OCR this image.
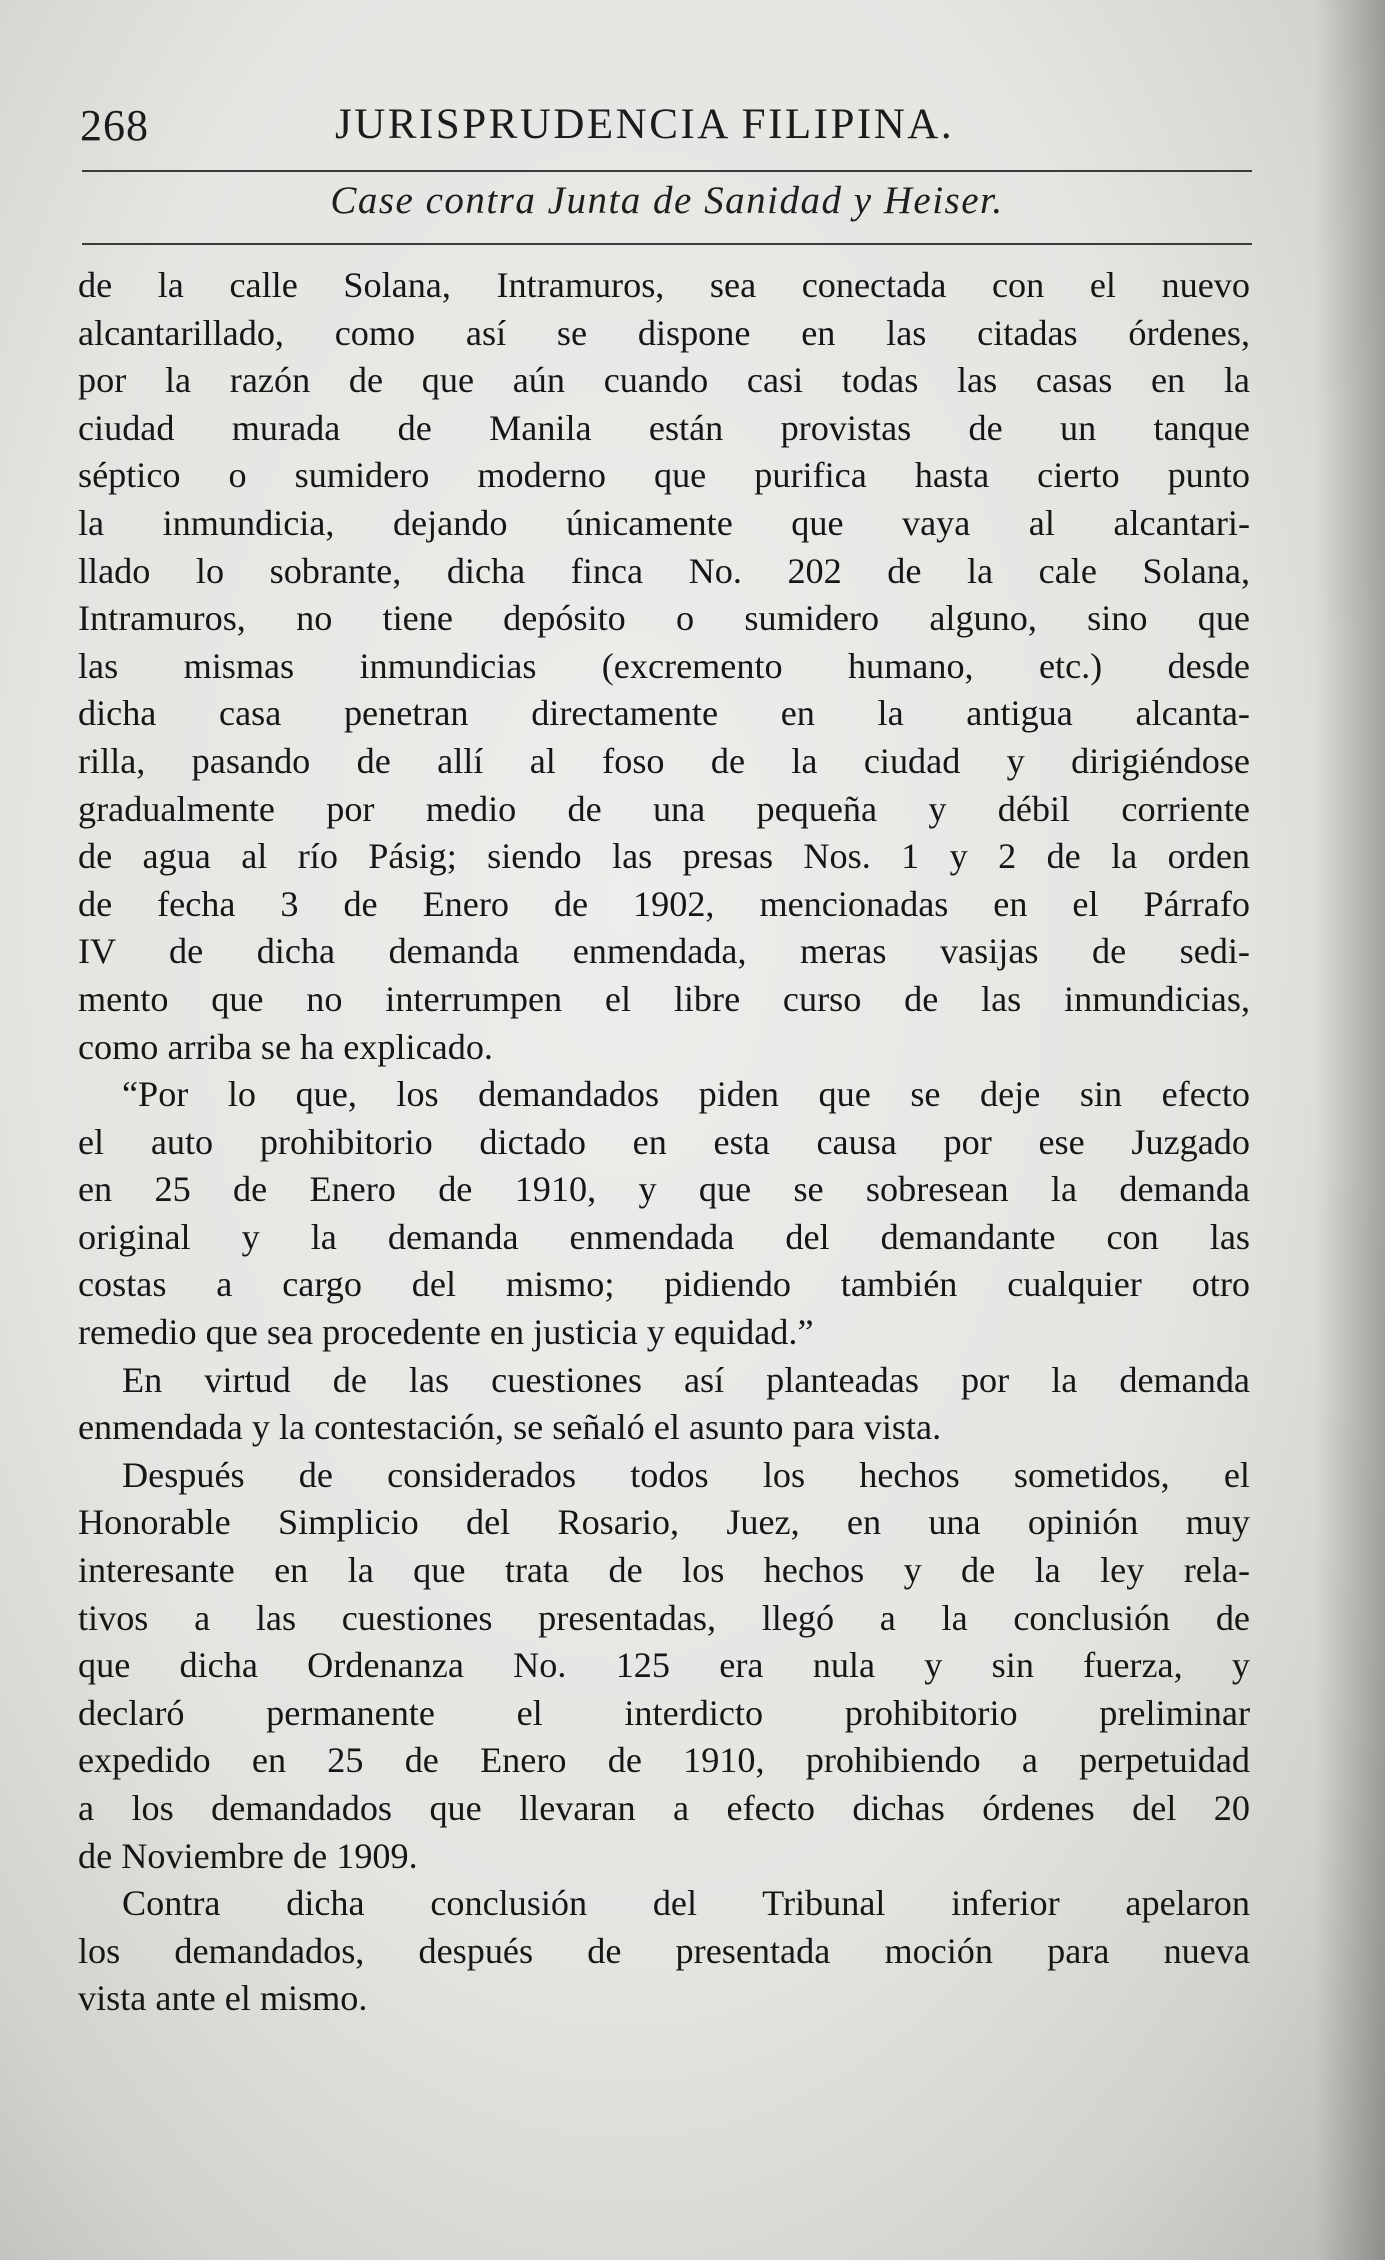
268	JURISPRUDENCIA FILIPINA.
Case contra Junta de Sanidad y Heiser.
de la calle Solana, Intramuros, sea conectada con el nuevo
alcantarillado, como así se dispone en las citadas órdenes,
por la razón de que aún cuando casi todas las casas en la
ciudad murada de Manila están provistas de un tanque
séptico o sumidero moderno que purifica hasta cierto punto
la inmundicia, dejando únicamente que vaya al alcantari-
llado lo sobrante, dicha finca No. 202 de la cale Solana,
Intramuros, no tiene depósito o sumidero alguno, sino que
las mismas inmundicias (excremento humano, etc.) desde
dicha casa penetran directamente en la antigua alcanta-
rilla, pasando de allí al foso de la ciudad y dirigiéndose
gradualmente por medio de una pequeña y débil corriente
de agua al río Pásig; siendo las presas Nos. 1 y 2 de la orden
de fecha 3 de Enero de 1902, mencionadas en el Párrafo
IV de dicha demanda enmendada, meras vasijas de sedi-
mento que no interrumpen el libre curso de las inmundicias,
como arriba se ha explicado.
“Por lo que, los demandados piden que se deje sin efecto
el auto prohibitorio dictado en esta causa por ese Juzgado
en 25 de Enero de 1910, y que se sobresean la demanda
original y la demanda enmendada del demandante con las
costas a cargo del mismo; pidiendo también cualquier otro
remedio que sea procedente en justicia y equidad.”
En virtud de las cuestiones así planteadas por la demanda
enmendada y la contestación, se señaló el asunto para vista.
Después de considerados todos los hechos sometidos, el
Honorable Simplicio del Rosario, Juez, en una opinión muy
interesante en la que trata de los hechos y de la ley rela-
tivos a las cuestiones presentadas, llegó a la conclusión de
que dicha Ordenanza No. 125 era nula y sin fuerza, y
declaró permanente el interdicto prohibitorio preliminar
expedido en 25 de Enero de 1910, prohibiendo a perpetuidad
a los demandados que llevaran a efecto dichas órdenes del 20
de Noviembre de 1909.
Contra dicha conclusión del Tribunal inferior apelaron
los demandados, después de presentada moción para nueva
vista ante el mismo.
